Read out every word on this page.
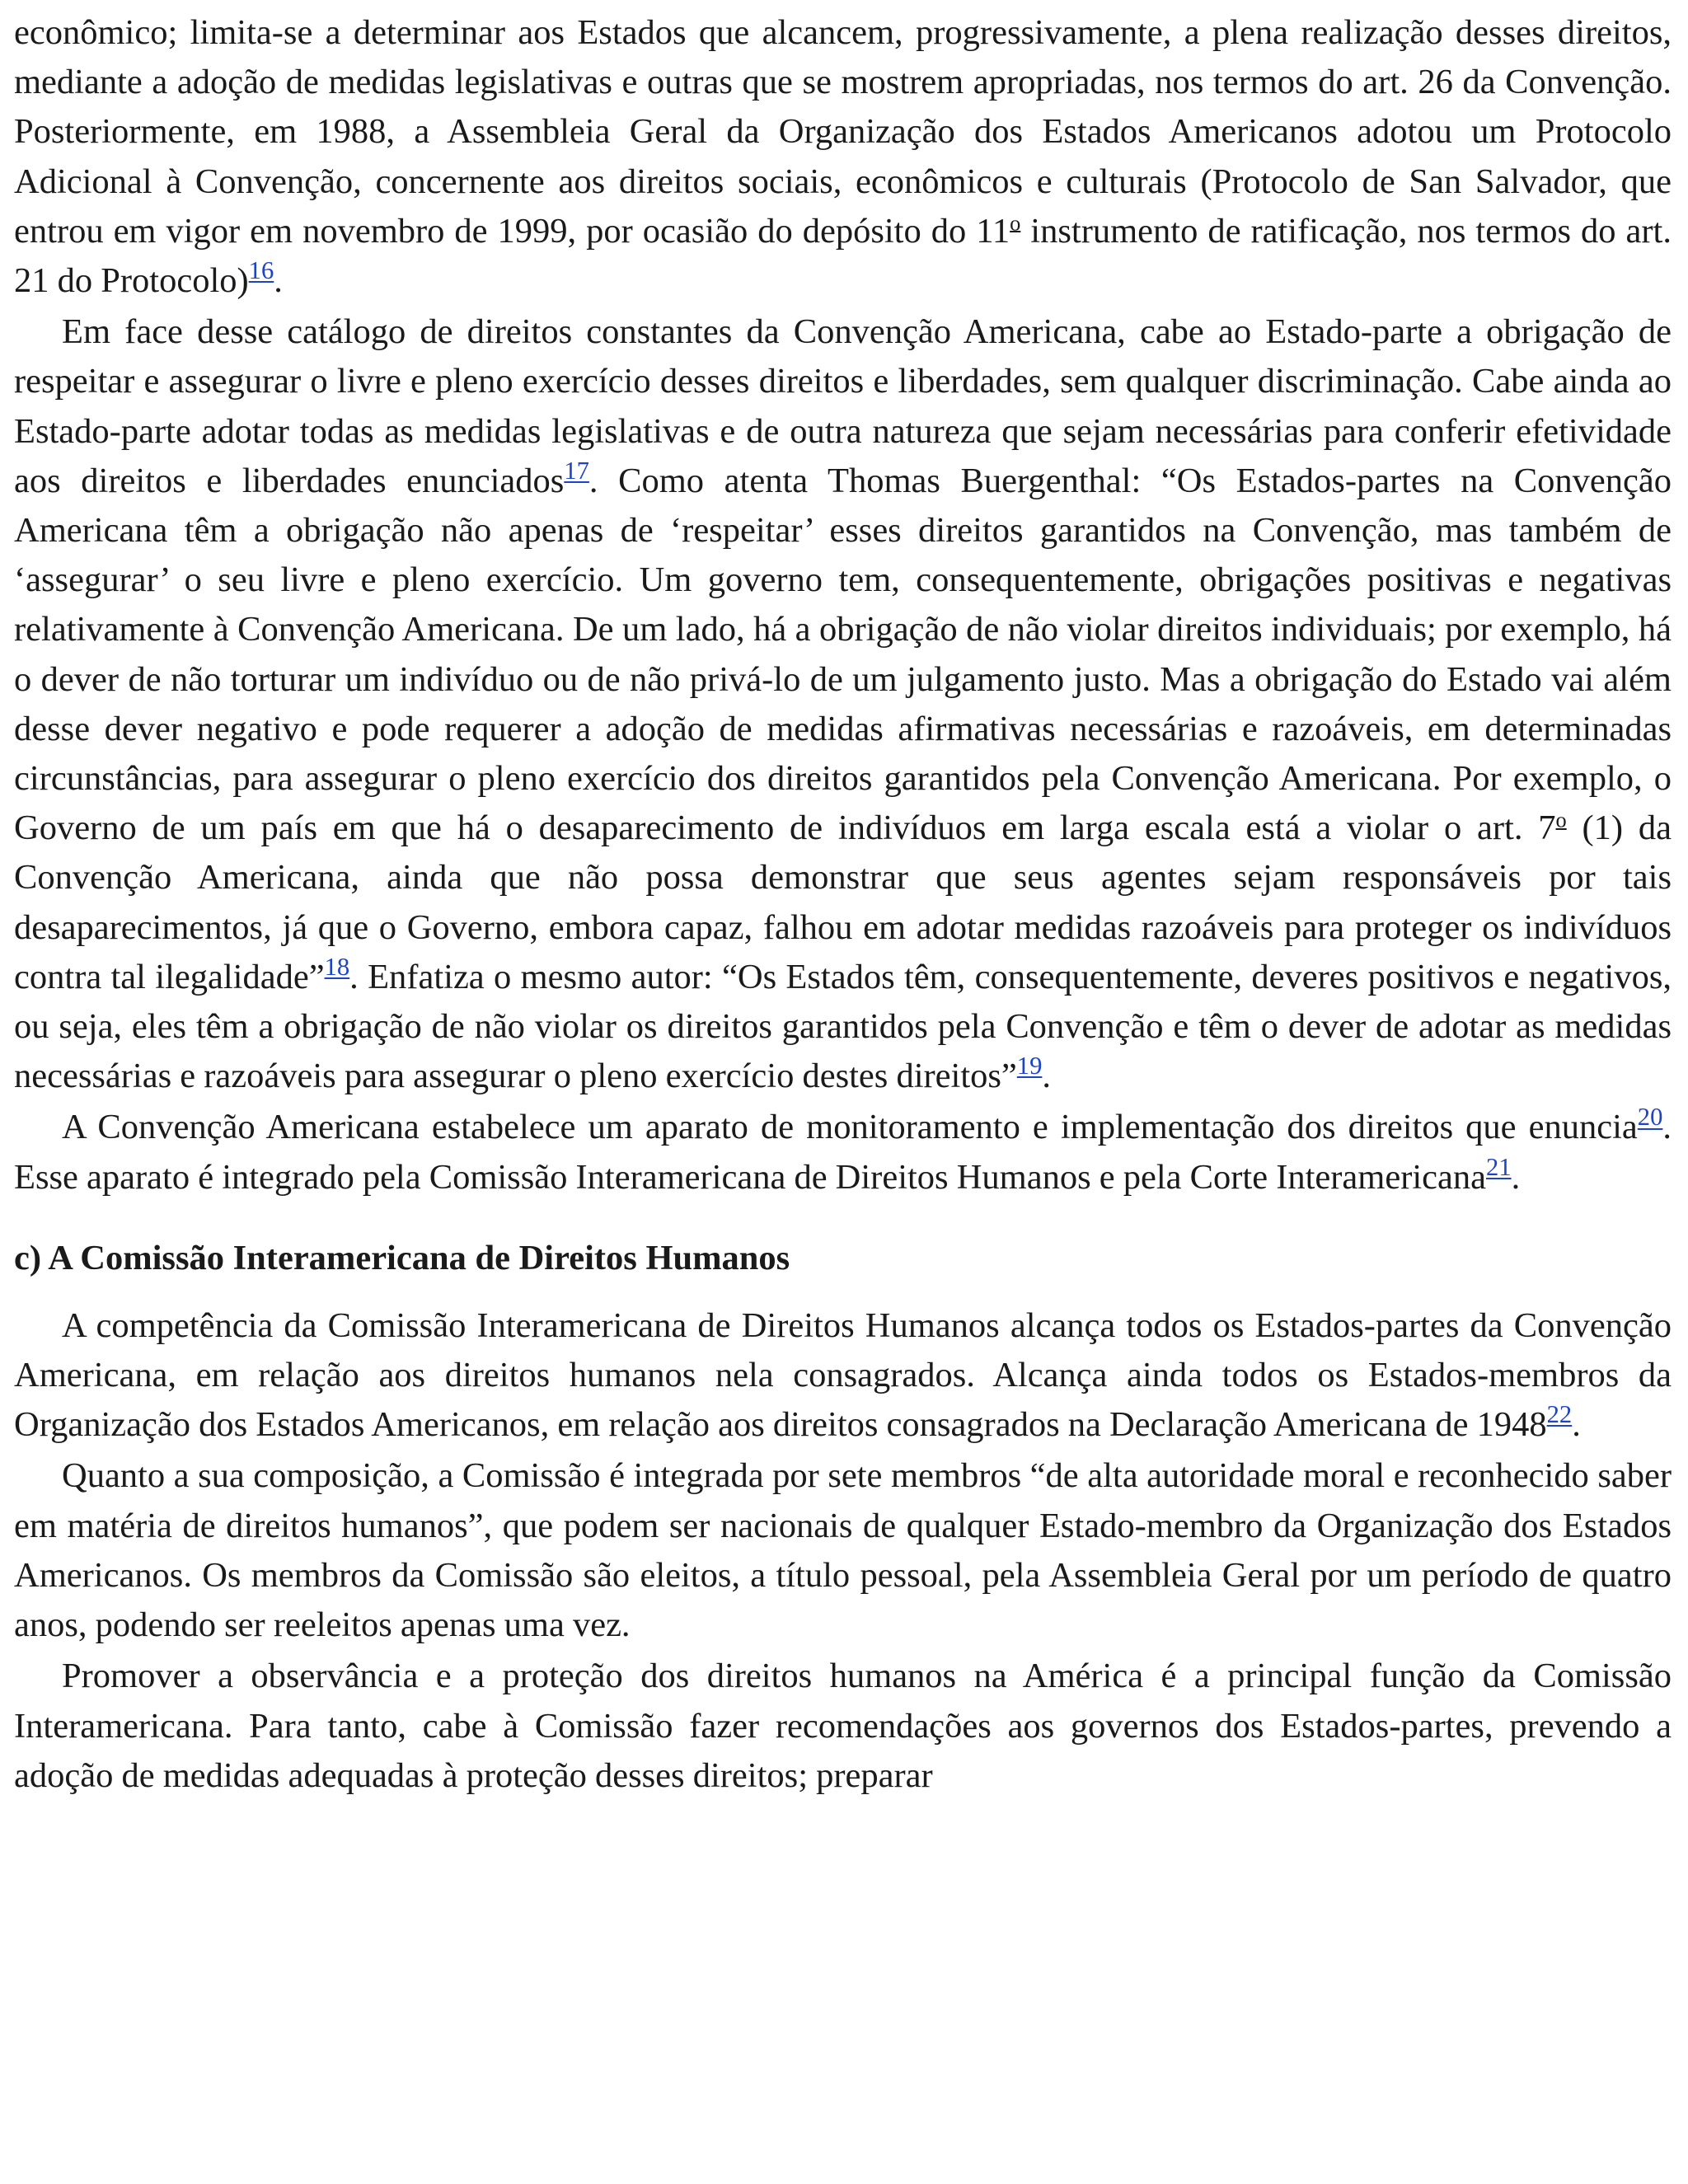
econômico; limita-se a determinar aos Estados que alcancem, progressivamente, a plena realização desses direitos, mediante a adoção de medidas legislativas e outras que se mostrem apropriadas, nos termos do art. 26 da Convenção. Posteriormente, em 1988, a Assembleia Geral da Organização dos Estados Americanos adotou um Protocolo Adicional à Convenção, concernente aos direitos sociais, econômicos e culturais (Protocolo de San Salvador, que entrou em vigor em novembro de 1999, por ocasião do depósito do 11$^o$ instrumento de ratificação, nos termos do art. 21 do Protocolo)$^{16}$.

Em face desse catálogo de direitos constantes da Convenção Americana, cabe ao Estado-parte a obrigação de respeitar e assegurar o livre e pleno exercício desses direitos e liberdades, sem qualquer discriminação. Cabe ainda ao Estado-parte adotar todas as medidas legislativas e de outra natureza que sejam necessárias para conferir efetividade aos direitos e liberdades enunciados$^{17}$. Como atenta Thomas Buergenthal: “Os Estados-partes na Convenção Americana têm a obrigação não apenas de ‘respeitar’ esses direitos garantidos na Convenção, mas também de ‘assegurar’ o seu livre e pleno exercício. Um governo tem, consequentemente, obrigações positivas e negativas relativamente à Convenção Americana. De um lado, há a obrigação de não violar direitos individuais; por exemplo, há o dever de não torturar um indivíduo ou de não privá-lo de um julgamento justo. Mas a obrigação do Estado vai além desse dever negativo e pode requerer a adoção de medidas afirmativas necessárias e razoáveis, em determinadas circunstâncias, para assegurar o pleno exercício dos direitos garantidos pela Convenção Americana. Por exemplo, o Governo de um país em que há o desaparecimento de indivíduos em larga escala está a violar o art. 7$^o$ (1) da Convenção Americana, ainda que não possa demonstrar que seus agentes sejam responsáveis por tais desaparecimentos, já que o Governo, embora capaz, falhou em adotar medidas razoáveis para proteger os indivíduos contra tal ilegalidade”$^{18}$. Enfatiza o mesmo autor: “Os Estados têm, consequentemente, deveres positivos e negativos, ou seja, eles têm a obrigação de não violar os direitos garantidos pela Convenção e têm o dever de adotar as medidas necessárias e razoáveis para assegurar o pleno exercício destes direitos”$^{19}$.

A Convenção Americana estabelece um aparato de monitoramento e implementação dos direitos que enuncia$^{20}$. Esse aparato é integrado pela Comissão Interamericana de Direitos Humanos e pela Corte Interamericana$^{21}$.

c) A Comissão Interamericana de Direitos Humanos

A competência da Comissão Interamericana de Direitos Humanos alcança todos os Estados-partes da Convenção Americana, em relação aos direitos humanos nela consagrados. Alcança ainda todos os Estados-membros da Organização dos Estados Americanos, em relação aos direitos consagrados na Declaração Americana de 1948$^{22}$.

Quanto a sua composição, a Comissão é integrada por sete membros “de alta autoridade moral e reconhecido saber em matéria de direitos humanos”, que podem ser nacionais de qualquer Estado-membro da Organização dos Estados Americanos. Os membros da Comissão são eleitos, a título pessoal, pela Assembleia Geral por um período de quatro anos, podendo ser reeleitos apenas uma vez.

Promover a observância e a proteção dos direitos humanos na América é a principal função da Comissão Interamericana. Para tanto, cabe à Comissão fazer recomendações aos governos dos Estados-partes, prevendo a adoção de medidas adequadas à proteção desses direitos; preparar
